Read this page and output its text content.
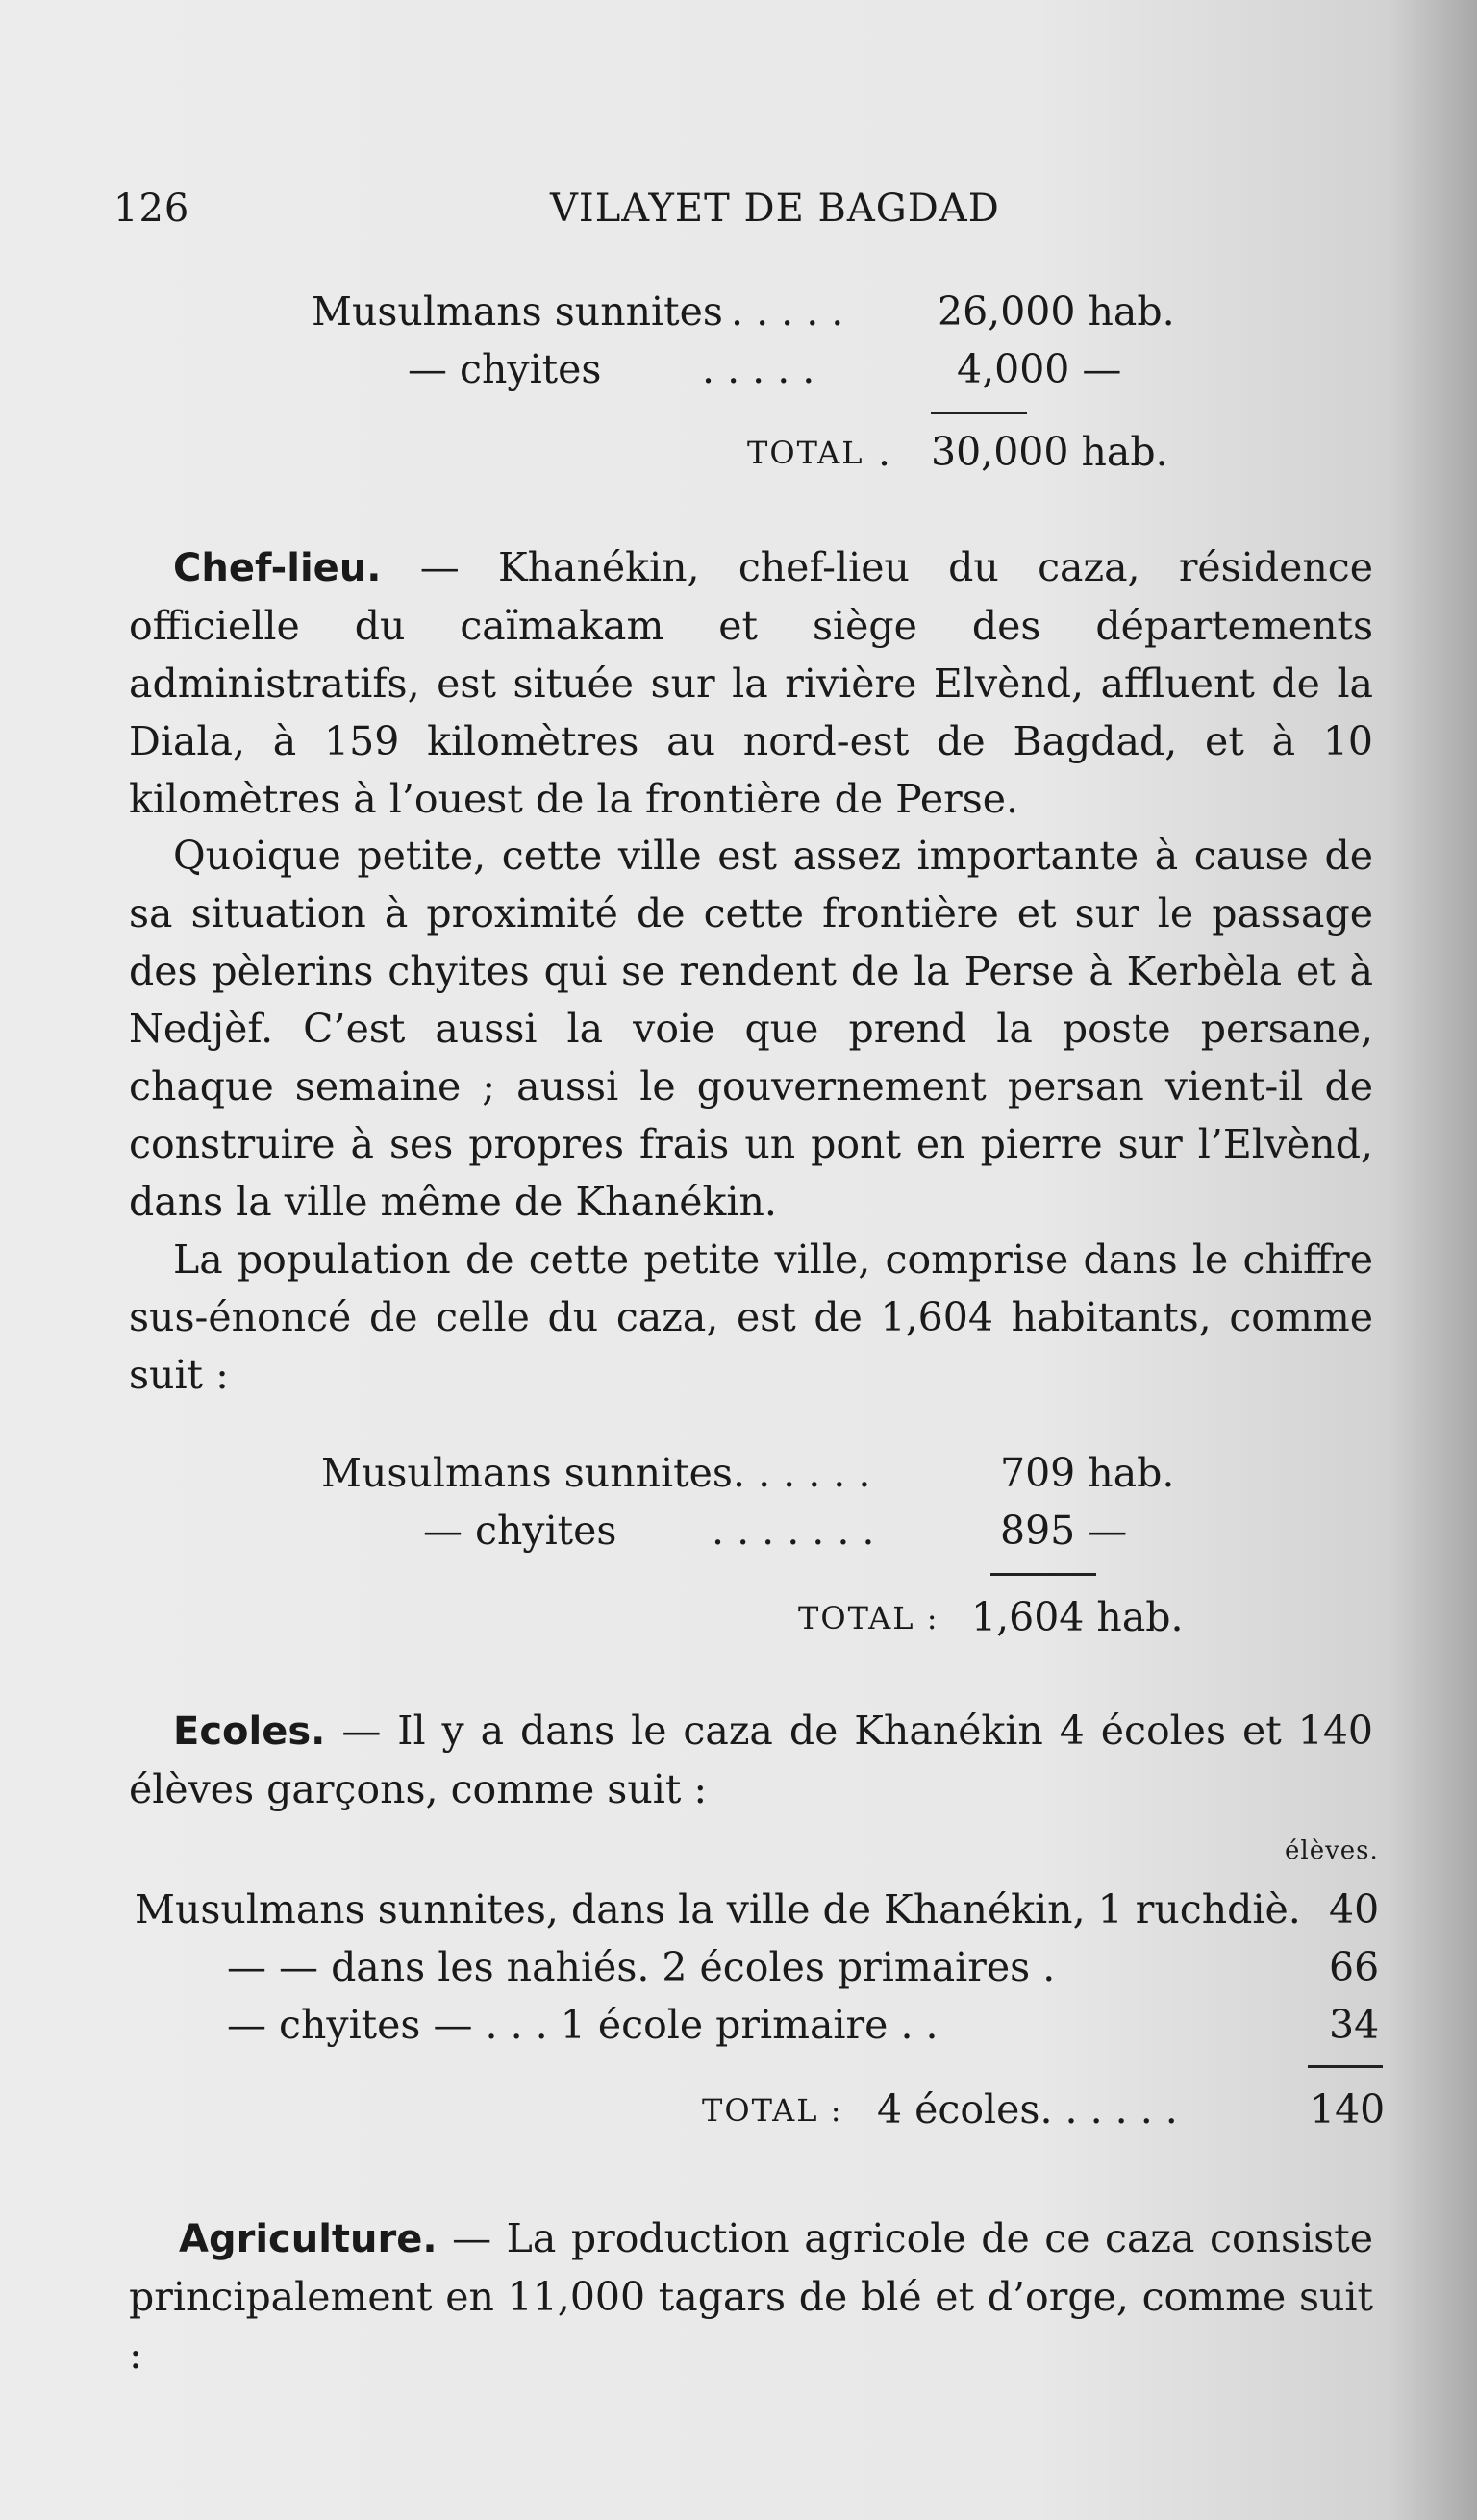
126	VILAYET DE BAGDAD
Musulmans sunnites . . . . . 26,000 hab.
— chyites	. . . . .	4,000 —
TOTAL . 30,000 hab.
Chef-lieu. — Khanékin, chef-lieu du caza, résidence officielle du caïmakam et siège des départements administratifs, est située sur la rivière Elvènd, affluent de la Diala, à 159 kilomètres au nord-est de Bagdad, et à 10 kilomètres à l’ouest de la frontière de Perse.
Quoique petite, cette ville est assez importante à cause de sa situation à proximité de cette frontière et sur le passage des pèlerins chyites qui se rendent de la Perse à Kerbèla et à Nedjèf. C’est aussi la voie que prend la poste persane, chaque semaine ; aussi le gouvernement persan vient-il de construire à ses propres frais un pont en pierre sur l’Elvènd, dans la ville même de Khanékin.
La population de cette petite ville, comprise dans le chiffre sus-énoncé de celle du caza, est de 1,604 habitants, comme suit :
Musulmans sunnites . . . . . .	709 hab.
— chyites . . . . . . .	895 —
TOTAL : 1,604 hab.
Ecoles. — Il y a dans le caza de Khanékin 4 écoles et 140 élèves garçons, comme suit :
élèves.
Musulmans sunnites, dans la ville de Khanékin, 1 ruchdiè. 40
— — dans les nahiés. 2 écoles primaires .	66
— chyites — . . . 1 école primaire . .	34
TOTAL : 4 écoles. . . . . .	140
Agriculture. — La production agricole de ce caza consiste principalement en 11,000 tagars de blé et d’orge, comme suit :
